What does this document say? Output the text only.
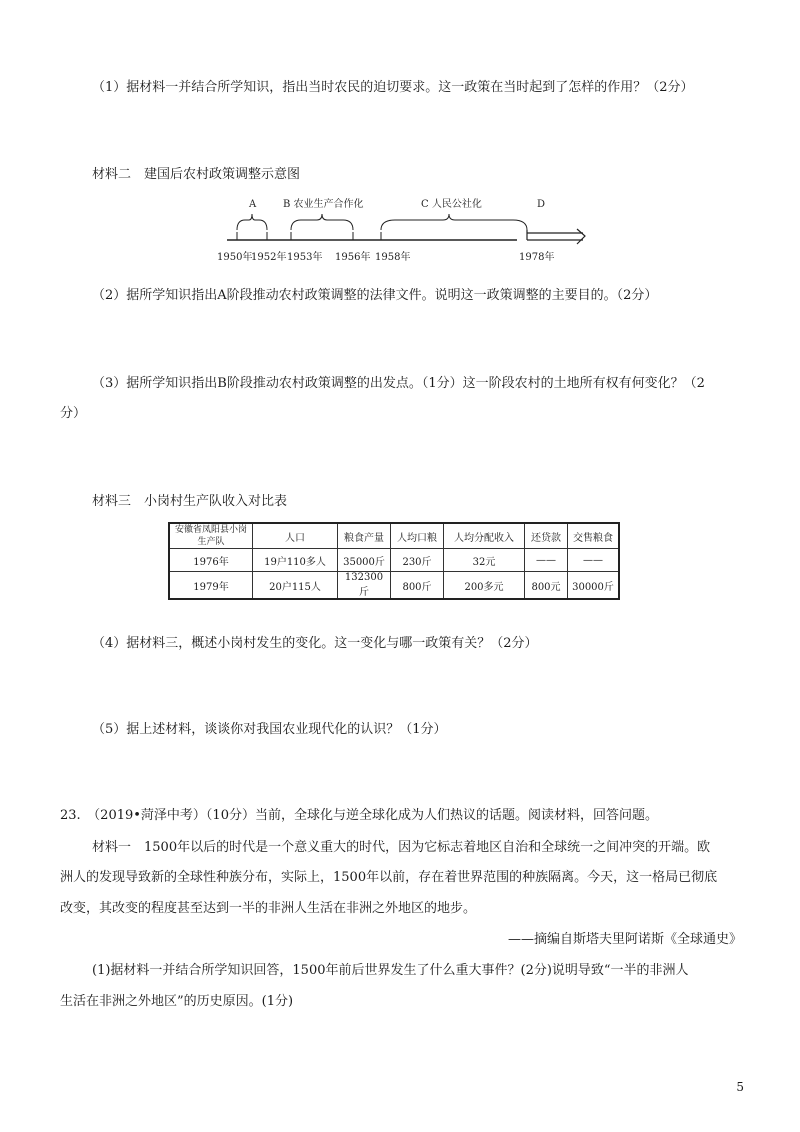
（1）据材料一并结合所学知识，指出当时农民的迫切要求。这一政策在当时起到了怎样的作用？（2分）
材料二　建国后农村政策调整示意图
A	B 农业生产合作化	C 人民公社化	D
1950年
1952年 1953年 1956年 1958年	1978年
（2）据所学知识指出A阶段推动农村政策调整的法律文件。说明这一政策调整的主要目的。（2分）
（3）据所学知识指出B阶段推动农村政策调整的出发点。（1分）这一阶段农村的土地所有权有何变化？（2
分）
材料三　小岗村生产队收入对比表
安徽省凤阳县小岗生产队	人口	粮食产量	人均口粮	人均分配收入	还贷款	交售粮食
1976年	19户110多人	35000斤	230斤	32元	——	——
1979年	20户115人	132300斤	800斤	200多元	800元	30000斤
（4）据材料三，概述小岗村发生的变化。这一变化与哪一政策有关？（2分）
（5）据上述材料，谈谈你对我国农业现代化的认识？（1分）
23.　（2019•菏泽中考）（10分）当前，全球化与逆全球化成为人们热议的话题。阅读材料，回答问题。
材料一　1500年以后的时代是一个意义重大的时代，因为它标志着地区自治和全球统一之间冲突的开端。欧
洲人的发现导致新的全球性种族分布，实际上，1500年以前，存在着世界范围的种族隔离。今天，这一格局已彻底
改变，其改变的程度甚至达到一半的非洲人生活在非洲之外地区的地步。
——摘编自斯塔夫里阿诺斯《全球通史》
(1)据材料一并结合所学知识回答，1500年前后世界发生了什么重大事件？(2分)说明导致“一半的非洲人
生活在非洲之外地区”的历史原因。(1分)
5
